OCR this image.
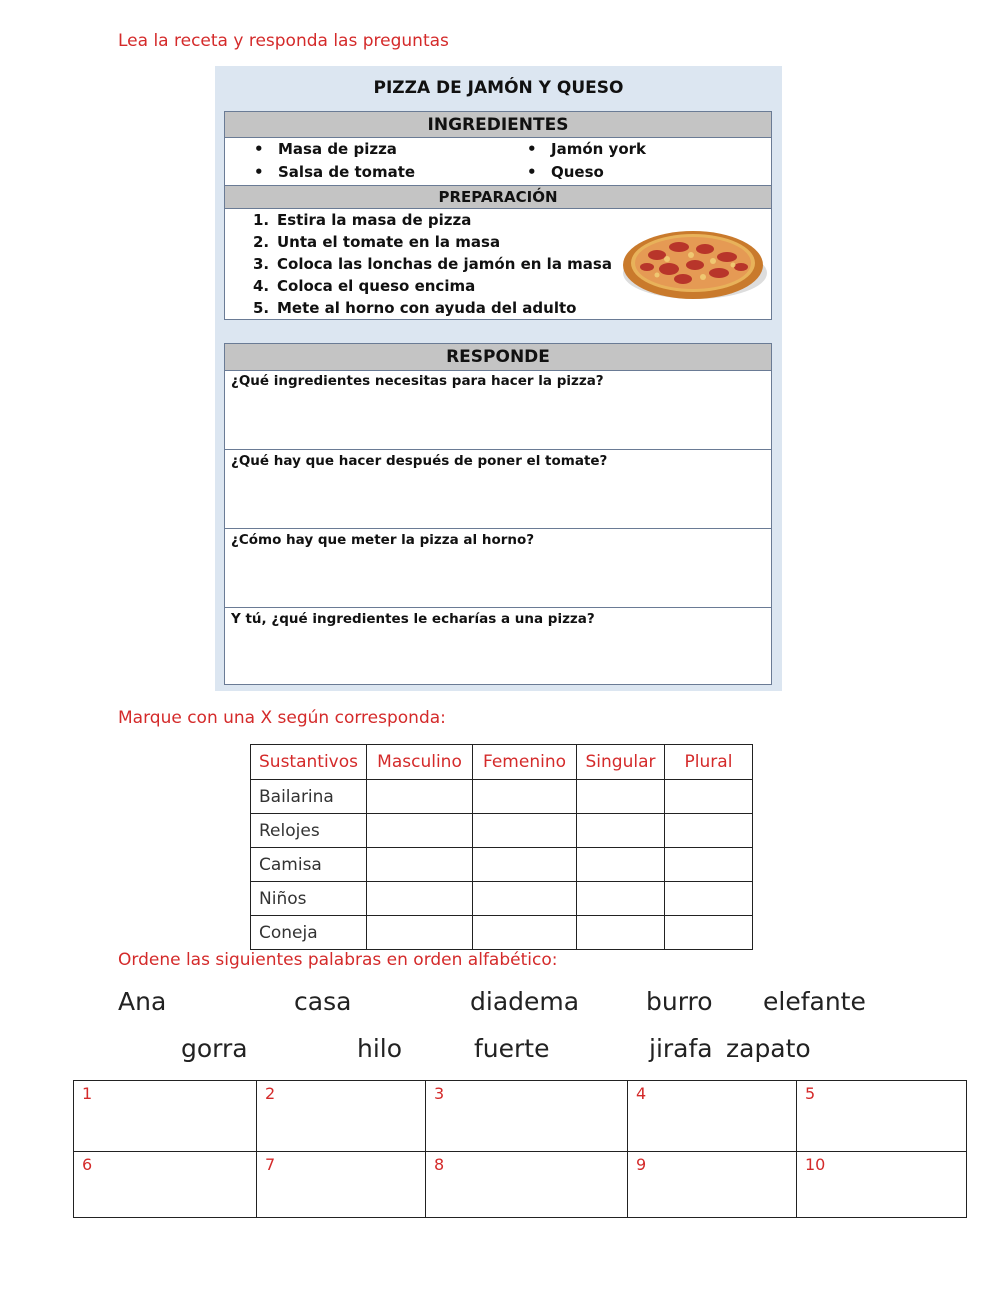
Lea la receta y responda las preguntas
PIZZA DE JAMÓN Y QUESO
INGREDIENTES
• Masa de pizza
• Salsa de tomate
• Jamón york
• Queso
PREPARACIÓN
1. Estira la masa de pizza
2. Unta el tomate en la masa
3. Coloca las lonchas de jamón en la masa
4. Coloca el queso encima
5. Mete al horno con ayuda del adulto
RESPONDE
¿Qué ingredientes necesitas para hacer la pizza?
¿Qué hay que hacer después de poner el tomate?
¿Cómo hay que meter la pizza al horno?
Y tú, ¿qué ingredientes le echarías a una pizza?
Marque con una X según corresponda:
Sustantivos	Masculino	Femenino	Singular	Plural
Bailarina				
Relojes				
Camisa				
Niños				
Coneja				
Ordene las siguientes palabras en orden alfabético:
Ana	casa	diadema	burro elefante
gorra	hilo	fuerte	jirafa zapato
1	2	3	4	5
6	7	8	9	10
